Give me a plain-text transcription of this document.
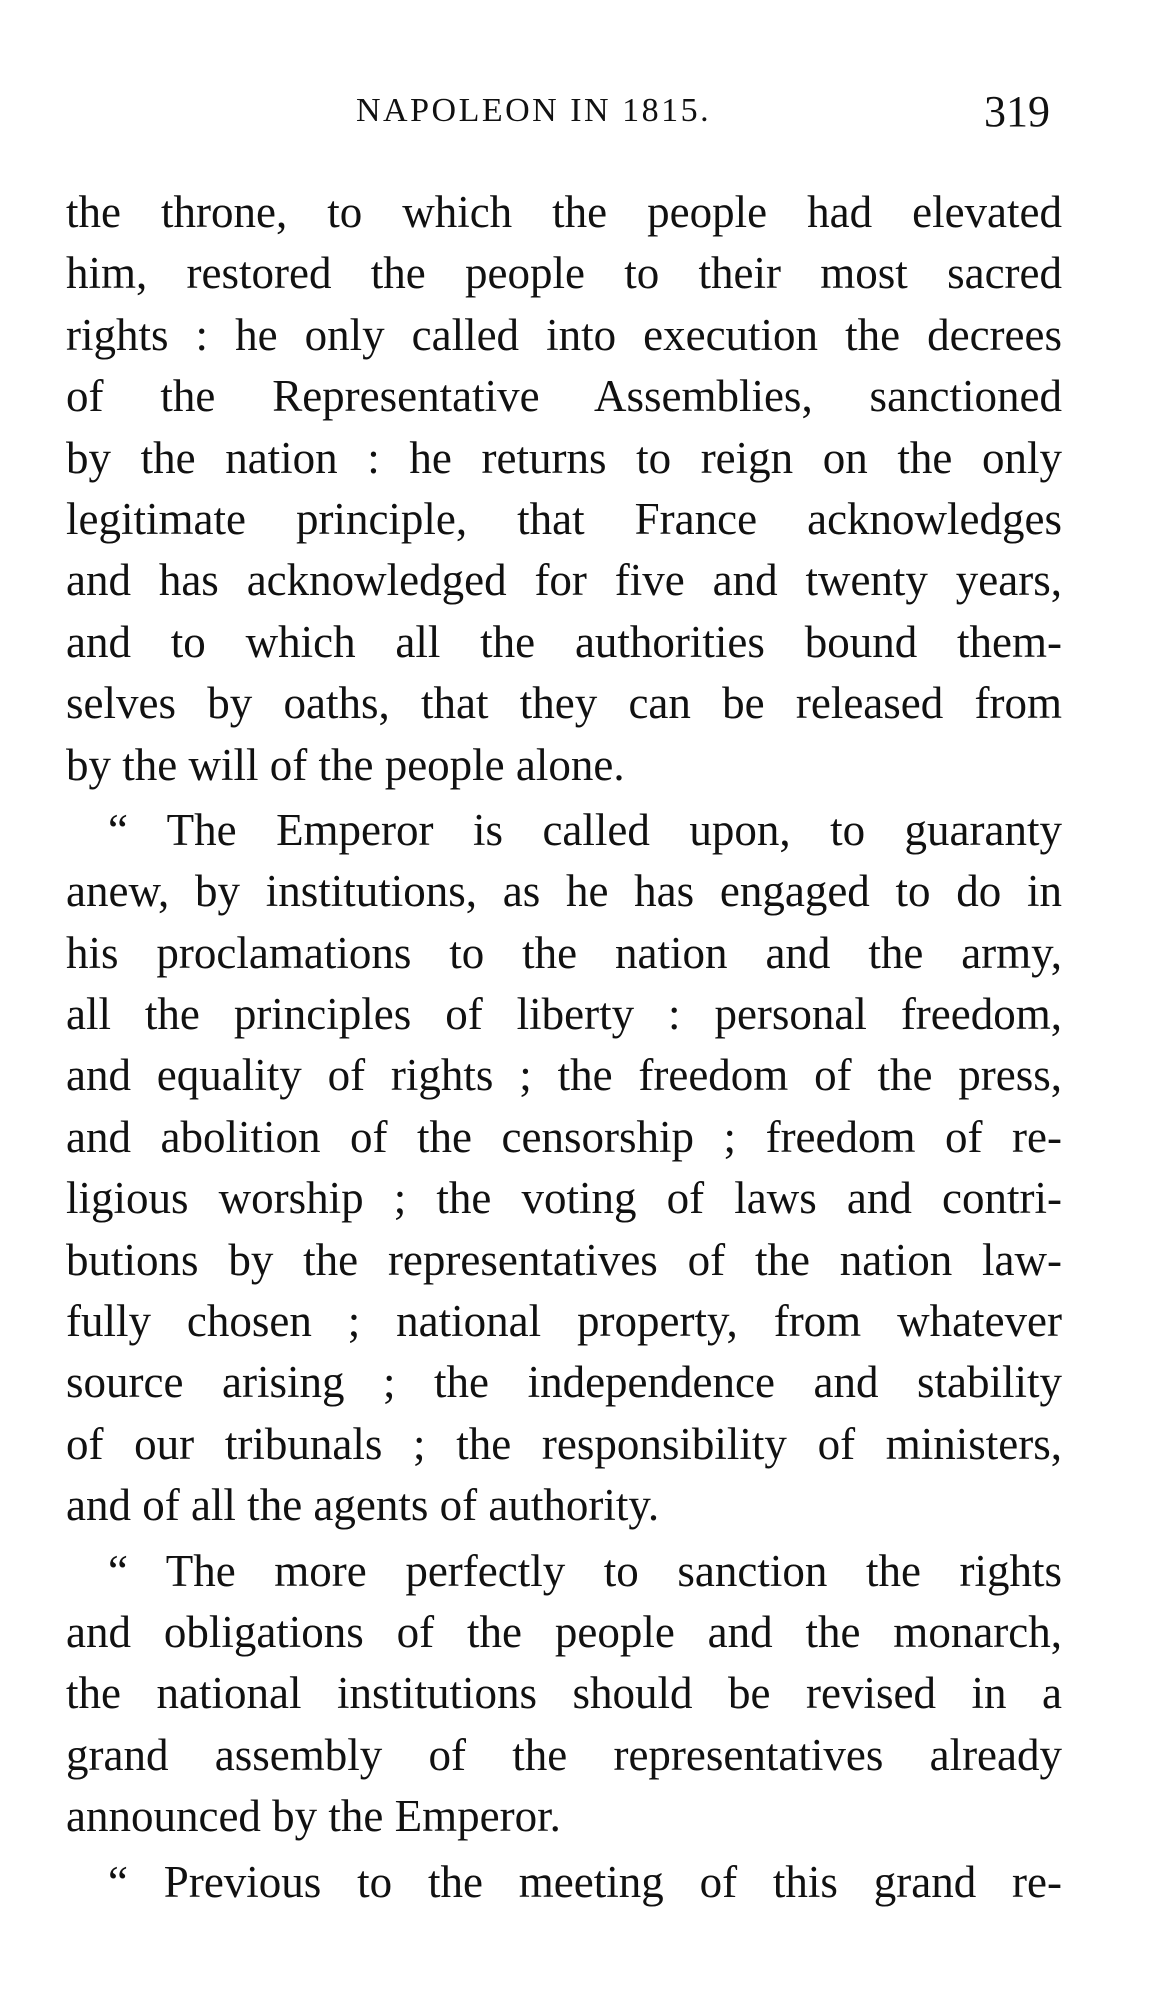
NAPOLEON IN 1815.	319
the throne, to which the people had elevated
him, restored the people to their most sacred
rights : he only called into execution the decrees
of the Representative Assemblies, sanctioned
by the nation : he returns to reign on the only
legitimate principle, that France acknowledges
and has acknowledged for five and twenty years,
and to which all the authorities bound them-
selves by oaths, that they can be released from
by the will of the people alone.
“ The Emperor is called upon, to guaranty
anew, by institutions, as he has engaged to do in
his proclamations to the nation and the army,
all the principles of liberty : personal freedom,
and equality of rights ; the freedom of the press,
and abolition of the censorship ; freedom of re-
ligious worship ; the voting of laws and contri-
butions by the representatives of the nation law-
fully chosen ; national property, from whatever
source arising ; the independence and stability
of our tribunals ; the responsibility of ministers,
and of all the agents of authority.
“ The more perfectly to sanction the rights
and obligations of the people and the monarch,
the national institutions should be revised in a
grand assembly of the representatives already
announced by the Emperor.
“ Previous to the meeting of this grand re-
